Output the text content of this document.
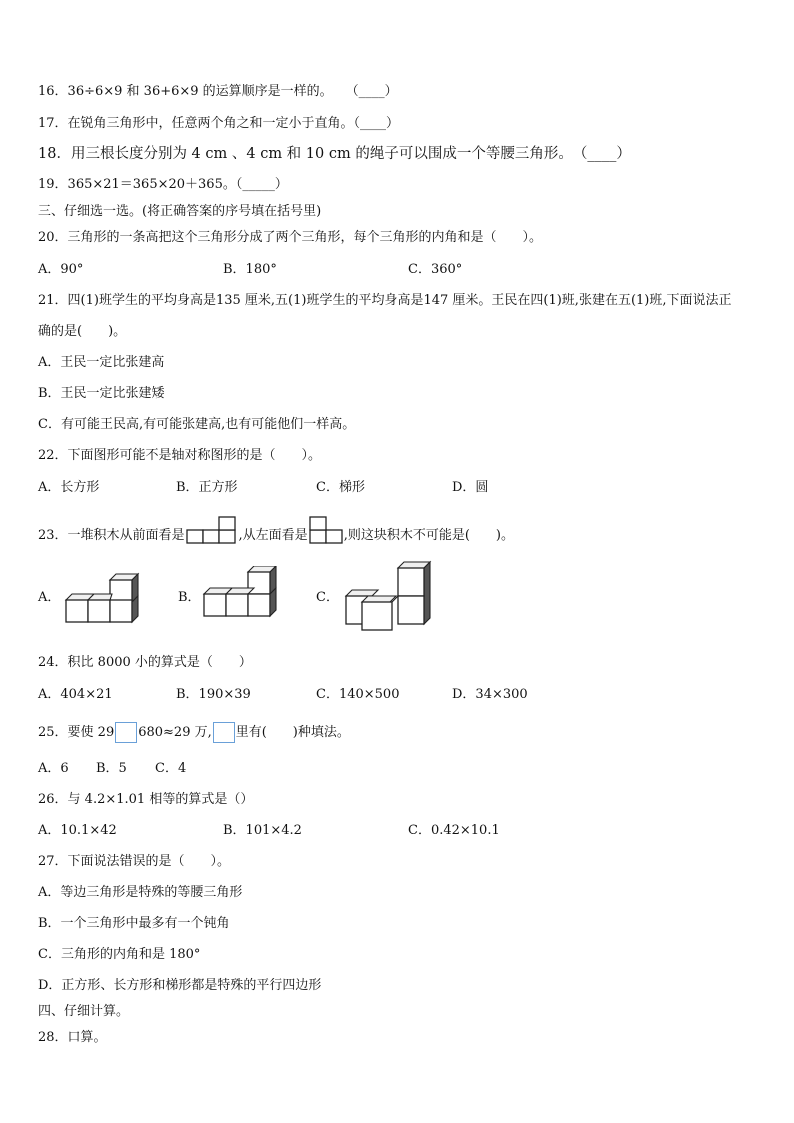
16．36÷6×9 和 36+6×9 的运算顺序是一样的。　　（____）
17．在锐角三角形中，任意两个角之和一定小于直角。（____）
18．用三根长度分别为 4 cm 、4 cm 和 10 cm 的绳子可以围成一个等腰三角形。　（____）
19．365×21＝365×20＋365。（_____）
三、仔细选一选。(将正确答案的序号填在括号里)
20．三角形的一条高把这个三角形分成了两个三角形，每个三角形的内角和是（　　）。
A．90°	B．180°	C．360°
21．四(1)班学生的平均身高是135 厘米,五(1)班学生的平均身高是147 厘米。王民在四(1)班,张建在五(1)班,下面说法正
确的是(　　)。
A．王民一定比张建高
B．王民一定比张建矮
C．有可能王民高,有可能张建高,也有可能他们一样高。
22．下面图形可能不是轴对称图形的是（　　）。
A．长方形	B．正方形	C．梯形	D．圆
23．一堆积木从前面看是	,从左面看是	,则这块积木不可能是(　　)。
A．	B．	C．
24．积比 8000 小的算式是（　　）
A．404×21	B．190×39	C．140×500	D．34×300
25．要使 29 680≈29 万, 里有(　　)种填法。
A．6 B．5 C．4
26．与 4.2×1.01 相等的算式是（）
A．10.1×42	B．101×4.2	C．0.42×10.1
27．下面说法错误的是（　　）。
A．等边三角形是特殊的等腰三角形
B．一个三角形中最多有一个钝角
C．三角形的内角和是 180°
D．正方形、长方形和梯形都是特殊的平行四边形
四、仔细计算。
28．口算。
